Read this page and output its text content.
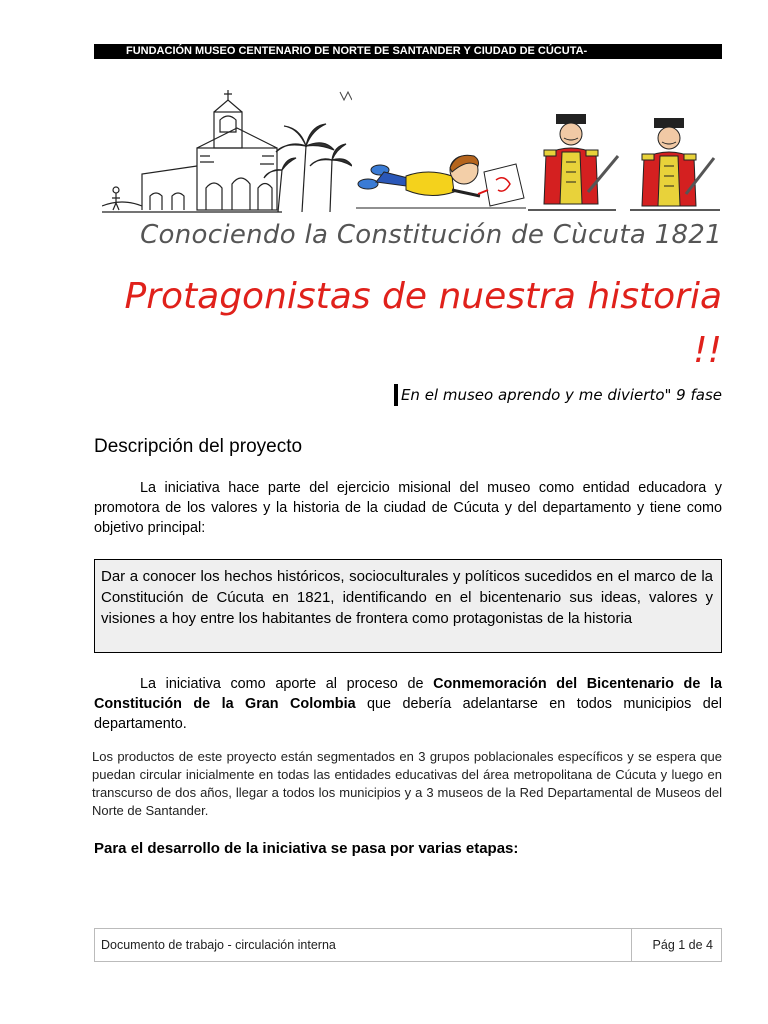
FUNDACIÓN MUSEO CENTENARIO DE NORTE DE SANTANDER Y CIUDAD DE CÚCUTA-
Conociendo la Constitución de Cùcuta 1821
Protagonistas de nuestra historia
!!
En el museo aprendo y me divierto" 9 fase
Descripción del proyecto

La iniciativa hace parte del ejercicio misional del museo como entidad educadora y promotora de los valores y la historia de la ciudad de Cúcuta y del departamento y tiene como objetivo principal:

Dar a conocer los hechos históricos, socioculturales y políticos sucedidos en el marco de la Constitución de Cúcuta en 1821, identificando en el bicentenario sus ideas, valores y visiones a hoy entre los habitantes de frontera como protagonistas de la historia

La iniciativa como aporte al proceso de Conmemoración del Bicentenario de la Constitución de la Gran Colombia que debería adelantarse en todos municipios del departamento.

Los productos de este proyecto están segmentados en 3 grupos poblacionales específicos y se espera que puedan circular inicialmente en todas las entidades educativas del área metropolitana de Cúcuta y luego en transcurso de dos años, llegar a todos los municipios y a 3 museos de la Red Departamental de Museos del Norte de Santander.
Para el desarrollo de la iniciativa se pasa por varias etapas:
Documento de trabajo - circulación interna	Pág 1 de 4
